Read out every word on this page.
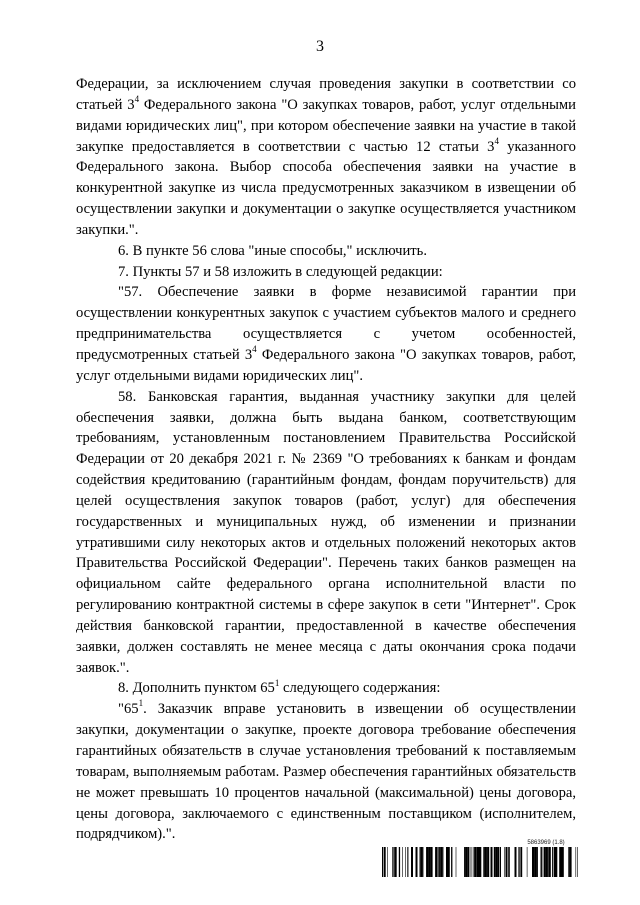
3

Федерации, за исключением случая проведения закупки в соответствии со статьей $3^4$ Федерального закона "О закупках товаров, работ, услуг отдельными видами юридических лиц", при котором обеспечение заявки на участие в такой закупке предоставляется в соответствии с частью 12 статьи $3^4$ указанного Федерального закона. Выбор способа обеспечения заявки на участие в конкурентной закупке из числа предусмотренных заказчиком в извещении об осуществлении закупки и документации о закупке осуществляется участником закупки.".

6. В пункте 56 слова "иные способы," исключить.

7. Пункты 57 и 58 изложить в следующей редакции:

"57. Обеспечение заявки в форме независимой гарантии при осуществлении конкурентных закупок с участием субъектов малого и среднего предпринимательства осуществляется с учетом особенностей, предусмотренных статьей $3^4$ Федерального закона "О закупках товаров, работ, услуг отдельными видами юридических лиц".

58. Банковская гарантия, выданная участнику закупки для целей обеспечения заявки, должна быть выдана банком, соответствующим требованиям, установленным постановлением Правительства Российской Федерации от 20 декабря 2021 г. № 2369 "О требованиях к банкам и фондам содействия кредитованию (гарантийным фондам, фондам поручительств) для целей осуществления закупок товаров (работ, услуг) для обеспечения государственных и муниципальных нужд, об изменении и признании утратившими силу некоторых актов и отдельных положений некоторых актов Правительства Российской Федерации". Перечень таких банков размещен на официальном сайте федерального органа исполнительной власти по регулированию контрактной системы в сфере закупок в сети "Интернет". Срок действия банковской гарантии, предоставленной в качестве обеспечения заявки, должен составлять не менее месяца с даты окончания срока подачи заявок.".

8. Дополнить пунктом $65^1$ следующего содержания:

"$65^1$. Заказчик вправе установить в извещении об осуществлении закупки, документации о закупке, проекте договора требование обеспечения гарантийных обязательств в случае установления требований к поставляемым товарам, выполняемым работам. Размер обеспечения гарантийных обязательств не может превышать 10 процентов начальной (максимальной) цены договора, цены договора, заключаемого с единственным поставщиком (исполнителем, подрядчиком).".

5863969 (1.8)
